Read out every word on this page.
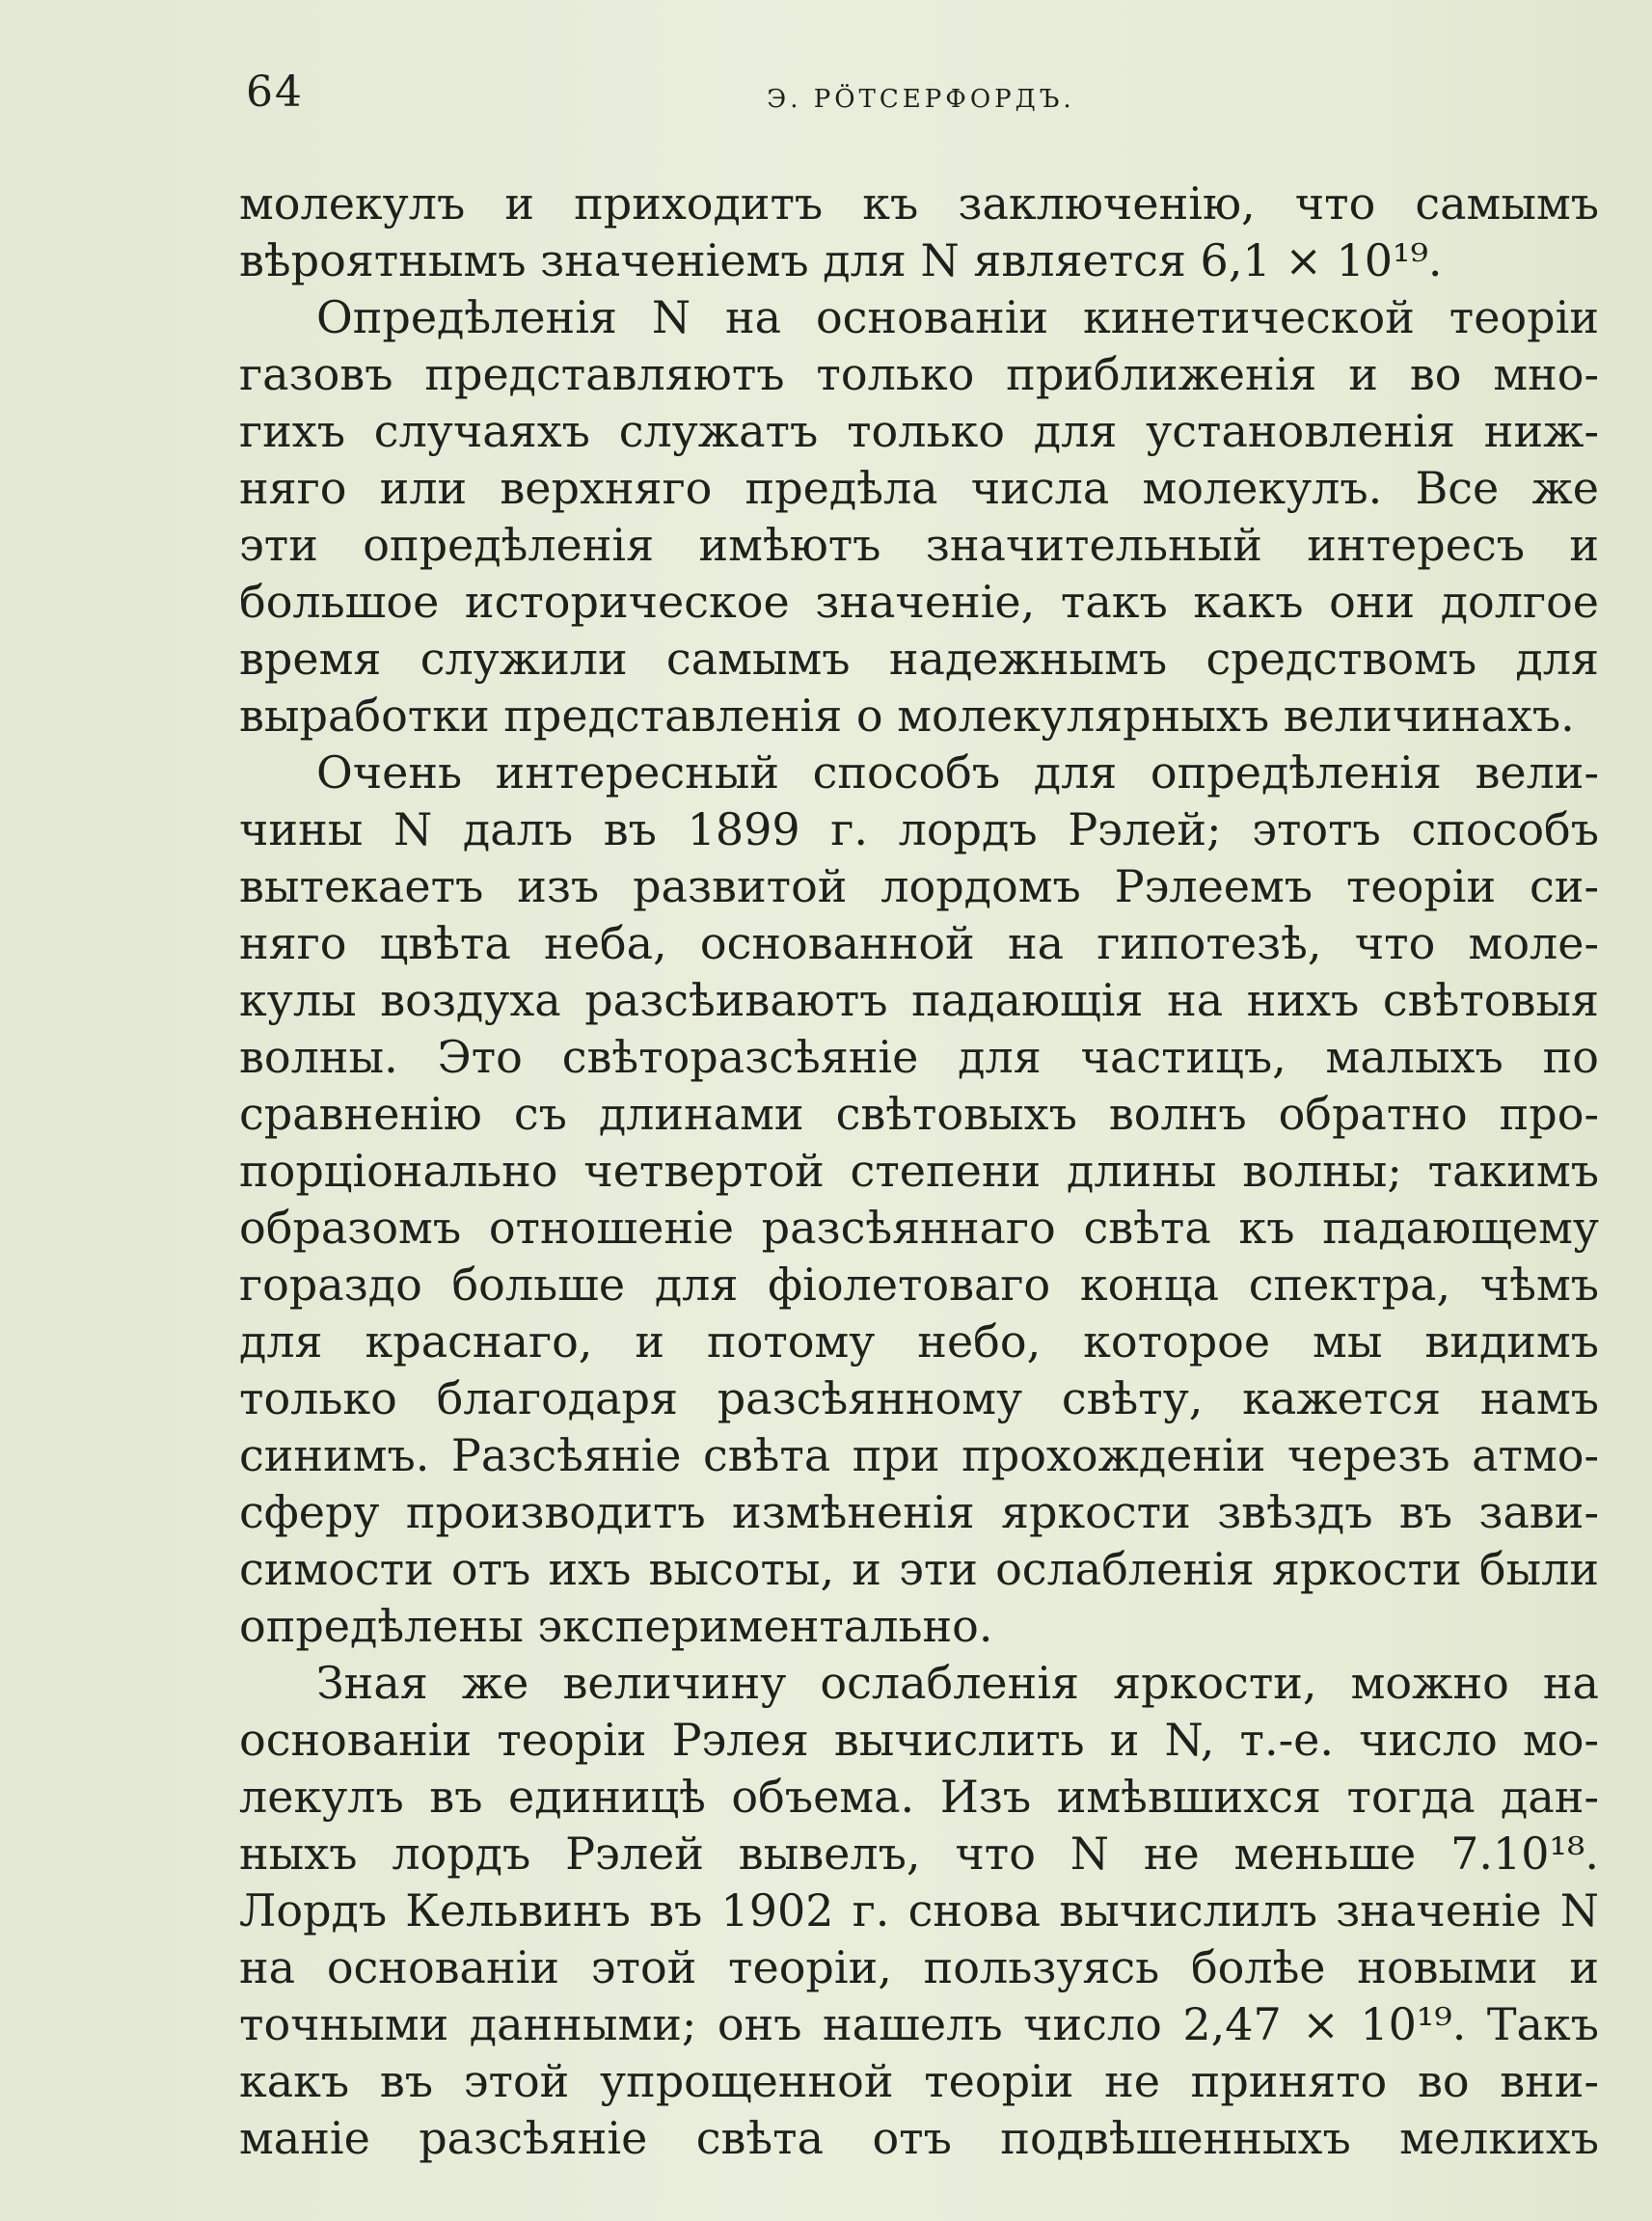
64	Э. РӦТСЕРФОРДЪ.
молекулъ и приходитъ къ заключенію, что самымъ
вѣроятнымъ значеніемъ для N является 6,1 × 10¹⁹.
Опредѣленія N на основаніи кинетической теоріи
газовъ представляютъ только приближенія и во мно-
гихъ случаяхъ служатъ только для установленія ниж-
няго или верхняго предѣла числа молекулъ. Все же
эти опредѣленія имѣютъ значительный интересъ и
большое историческое значеніе, такъ какъ они долгое
время служили самымъ надежнымъ средствомъ для
выработки представленія о молекулярныхъ величинахъ.
Очень интересный способъ для опредѣленія вели-
чины N далъ въ 1899 г. лордъ Рэлей; этотъ способъ
вытекаетъ изъ развитой лордомъ Рэлеемъ теоріи си-
няго цвѣта неба, основанной на гипотезѣ, что моле-
кулы воздуха разсѣиваютъ падающія на нихъ свѣтовыя
волны. Это свѣторазсѣяніе для частицъ, малыхъ по
сравненію съ длинами свѣтовыхъ волнъ обратно про-
порціонально четвертой степени длины волны; такимъ
образомъ отношеніе разсѣяннаго свѣта къ падающему
гораздо больше для фіолетоваго конца спектра, чѣмъ
для краснаго, и потому небо, которое мы видимъ
только благодаря разсѣянному свѣту, кажется намъ
синимъ. Разсѣяніе свѣта при прохожденіи черезъ атмо-
сферу производитъ измѣненія яркости звѣздъ въ зави-
симости отъ ихъ высоты, и эти ослабленія яркости были
опредѣлены экспериментально.
Зная же величину ослабленія яркости, можно на
основаніи теоріи Рэлея вычислить и N, т.-е. число мо-
лекулъ въ единицѣ объема. Изъ имѣвшихся тогда дан-
ныхъ лордъ Рэлей вывелъ, что N не меньше 7.10¹⁸.
Лордъ Кельвинъ въ 1902 г. снова вычислилъ значеніе N
на основаніи этой теоріи, пользуясь болѣе новыми и
точными данными; онъ нашелъ число 2,47 × 10¹⁹. Такъ
какъ въ этой упрощенной теоріи не принято во вни-
маніе разсѣяніе свѣта отъ подвѣшенныхъ мелкихъ
